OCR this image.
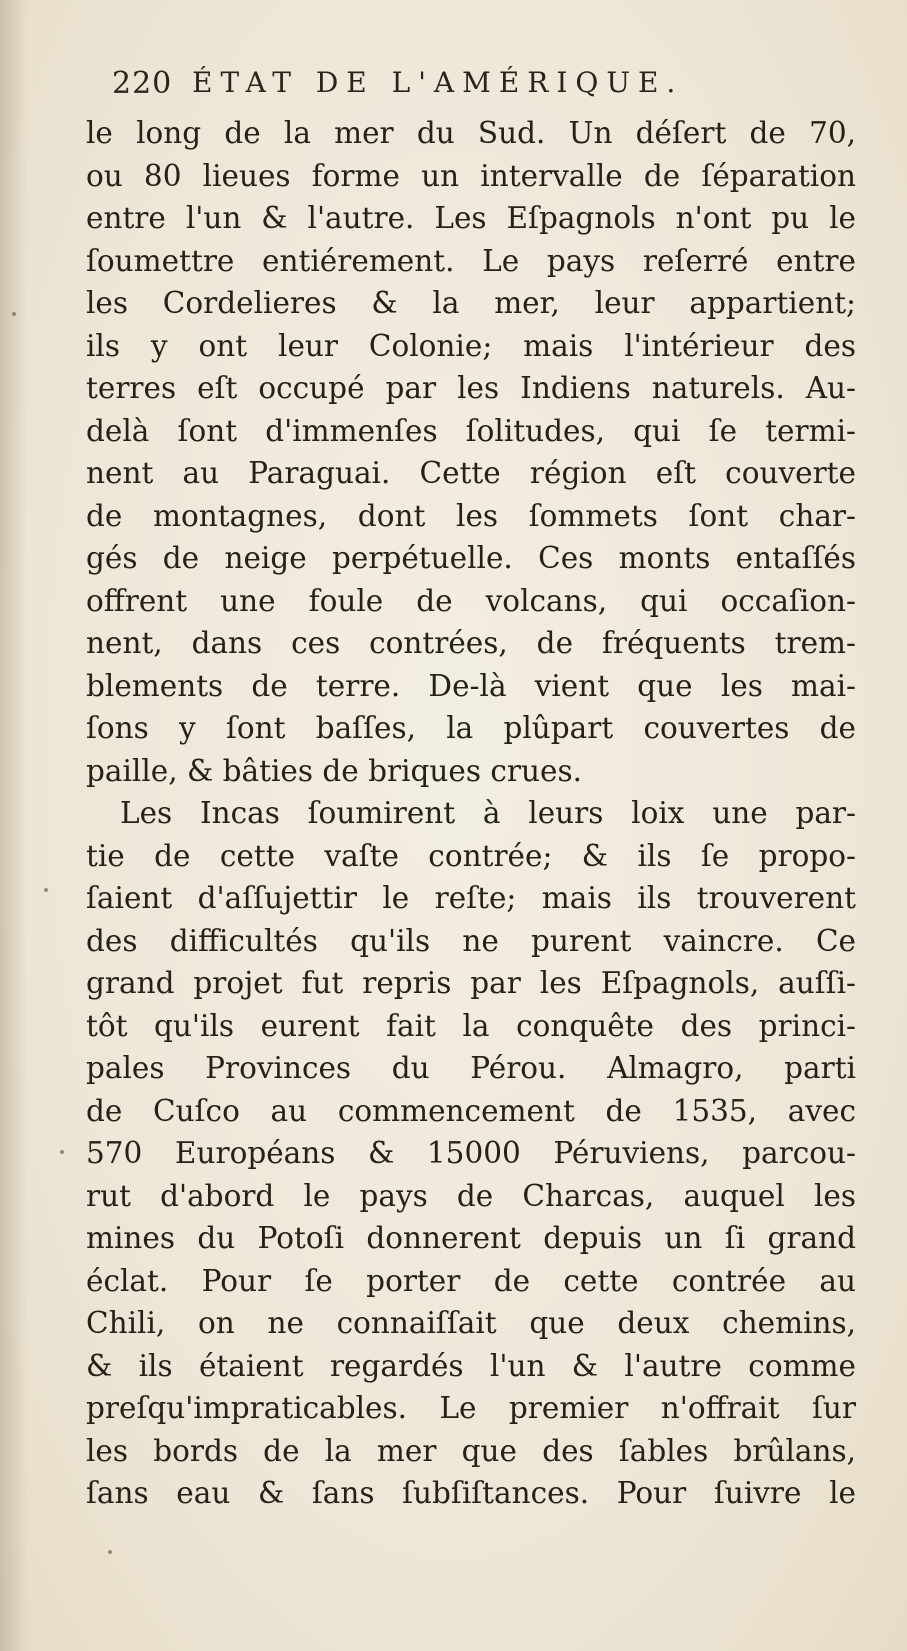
220 ÉTAT DE L'AMÉRIQUE.
le long de la mer du Sud. Un déſert de 70,
ou 80 lieues forme un intervalle de ſéparation
entre l'un & l'autre. Les Eſpagnols n'ont pu le
ſoumettre entiérement. Le pays reſerré entre
les Cordelieres & la mer, leur appartient;
ils y ont leur Colonie; mais l'intérieur des
terres eſt occupé par les Indiens naturels. Au-
delà ſont d'immenſes ſolitudes, qui ſe termi-
nent au Paraguai. Cette région eſt couverte
de montagnes, dont les ſommets ſont char-
gés de neige perpétuelle. Ces monts entaſſés
offrent une foule de volcans, qui occaſion-
nent, dans ces contrées, de fréquents trem-
blements de terre. De-là vient que les mai-
ſons y ſont baſſes, la plûpart couvertes de
paille, & bâties de briques crues.
Les Incas ſoumirent à leurs loix une par-
tie de cette vaſte contrée; & ils ſe propo-
ſaient d'aſſujettir le reſte; mais ils trouverent
des difficultés qu'ils ne purent vaincre. Ce
grand projet fut repris par les Eſpagnols, auſſi-
tôt qu'ils eurent fait la conquête des princi-
pales Provinces du Pérou. Almagro, parti
de Cuſco au commencement de 1535, avec
570 Européans & 15000 Péruviens, parcou-
rut d'abord le pays de Charcas, auquel les
mines du Potoſi donnerent depuis un ſi grand
éclat. Pour ſe porter de cette contrée au
Chili, on ne connaiſſait que deux chemins,
& ils étaient regardés l'un & l'autre comme
preſqu'impraticables. Le premier n'offrait ſur
les bords de la mer que des ſables brûlans,
ſans eau & ſans ſubſiſtances. Pour ſuivre le
